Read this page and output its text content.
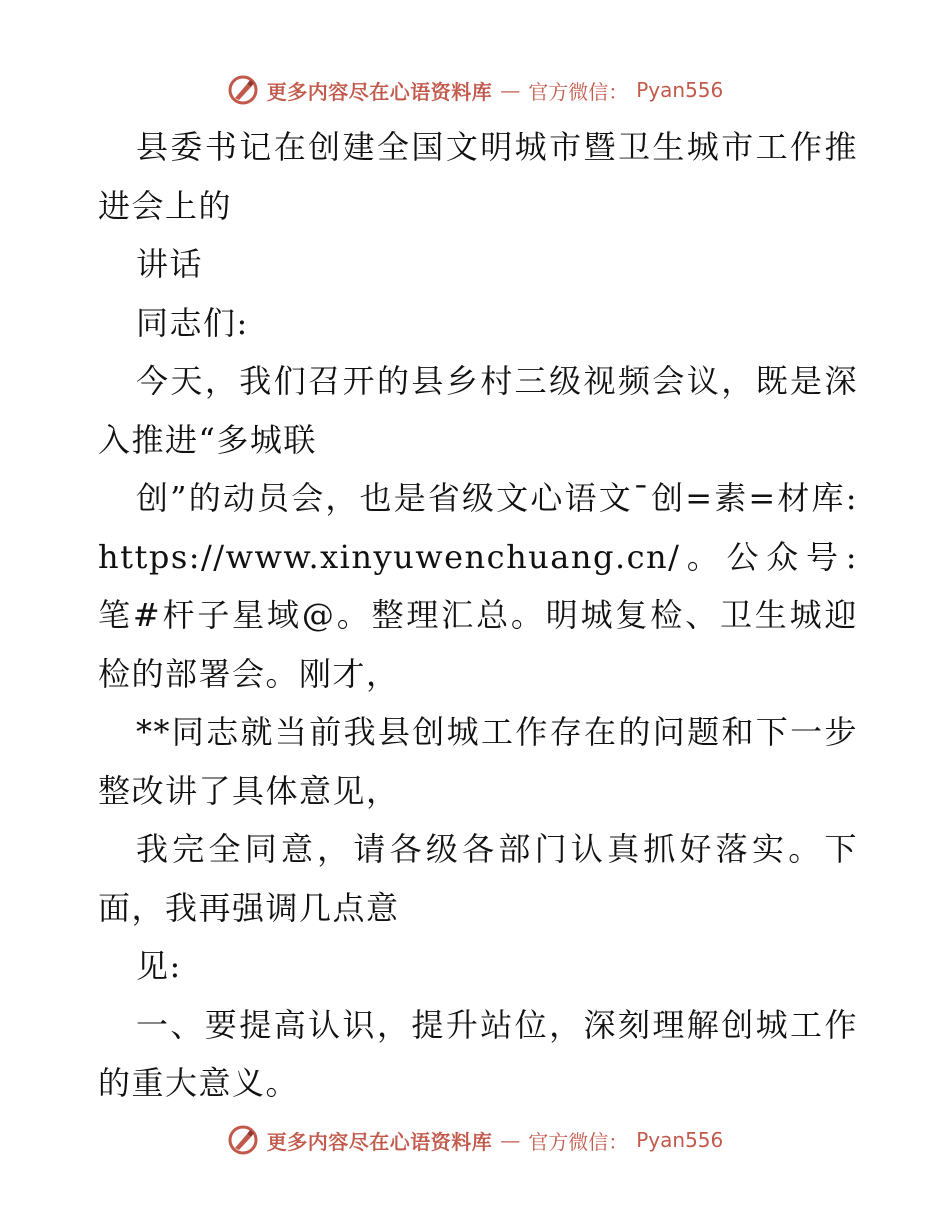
更多内容尽在心语资料库 — 官方微信： Pyan556

县委书记在创建全国文明城市暨卫生城市工作推进会上的

讲话

同志们:

今天，我们召开的县乡村三级视频会议，既是深入推进“多城联

创”的动员会，也是省级文心语文¯创=素=材库: https://www.xinyuwenchuang.cn/。公众号:笔#杆子星域@。整理汇总。明城复检、卫生城迎检的部署会。刚才，

**同志就当前我县创城工作存在的问题和下一步整改讲了具体意见，

我完全同意，请各级各部门认真抓好落实。下面，我再强调几点意

见:

一、要提高认识，提升站位，深刻理解创城工作的重大意义。

更多内容尽在心语资料库 — 官方微信： Pyan556
